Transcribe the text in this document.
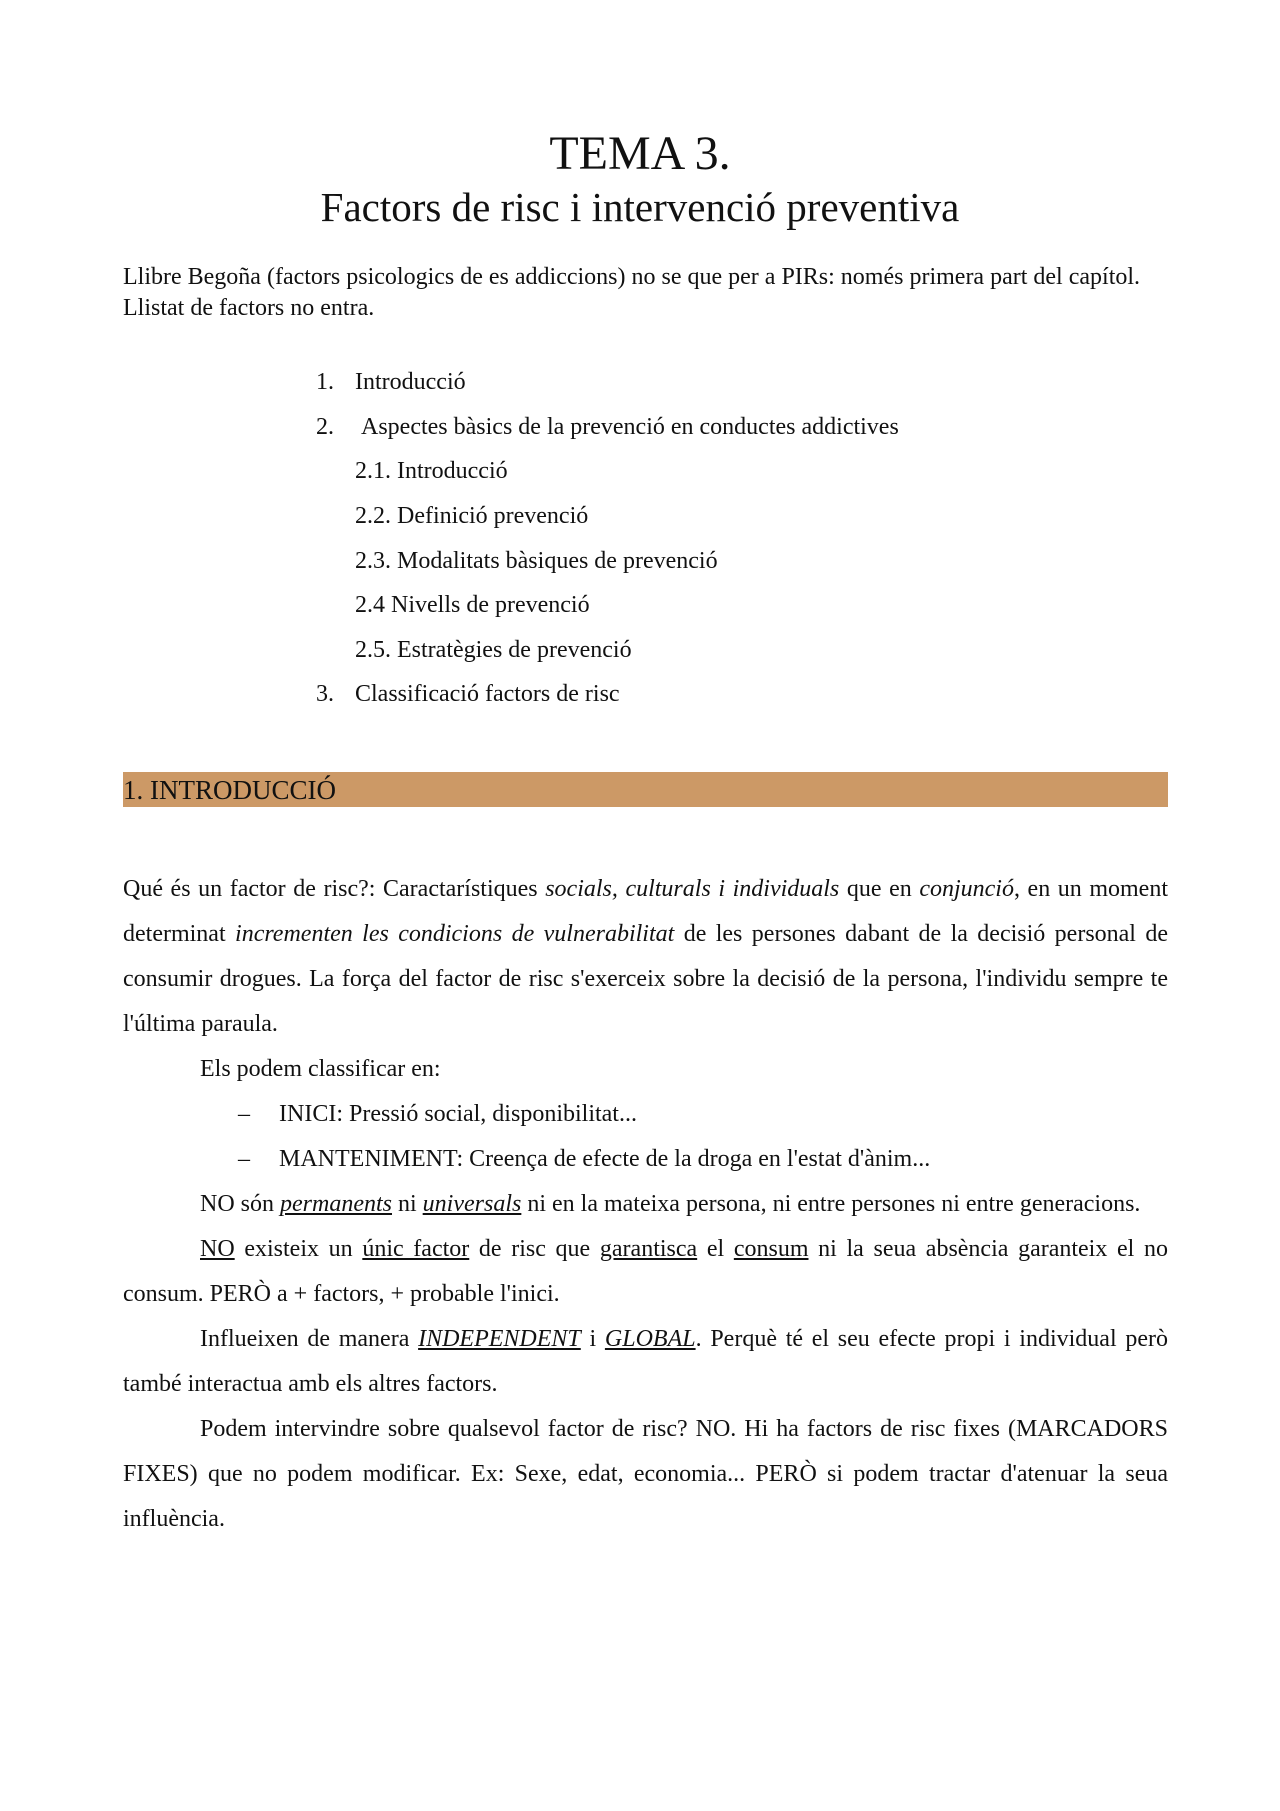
TEMA 3.
Factors de risc i intervenció preventiva

Llibre Begoña (factors psicologics de es addiccions) no se que per a PIRs: només primera part del capítol. Llistat de factors no entra.

1. Introducció
2. Aspectes bàsics de la prevenció en conductes addictives
2.1. Introducció
2.2. Definició prevenció
2.3. Modalitats bàsiques de prevenció
2.4 Nivells de prevenció
2.5. Estratègies de prevenció
3. Classificació factors de risc
1. INTRODUCCIÓ

Qué és un factor de risc?: Caractarístiques socials, culturals i individuals que en conjunció, en un moment determinat incrementen les condicions de vulnerabilitat de les persones dabant de la decisió personal de consumir drogues. La força del factor de risc s'exerceix sobre la decisió de la persona, l'individu sempre te l'última paraula.

Els podem classificar en:

– INICI: Pressió social, disponibilitat...

– MANTENIMENT: Creença de efecte de la droga en l'estat d'ànim...

NO són permanents ni universals ni en la mateixa persona, ni entre persones ni entre generacions.

NO existeix un únic factor de risc que garantisca el consum ni la seua absència garanteix el no consum. PERÒ a + factors, + probable l'inici.

Influeixen de manera INDEPENDENT i GLOBAL. Perquè té el seu efecte propi i individual però també interactua amb els altres factors.

Podem intervindre sobre qualsevol factor de risc? NO. Hi ha factors de risc fixes (MARCADORS FIXES) que no podem modificar. Ex: Sexe, edat, economia... PERÒ si podem tractar d'atenuar la seua influència.
